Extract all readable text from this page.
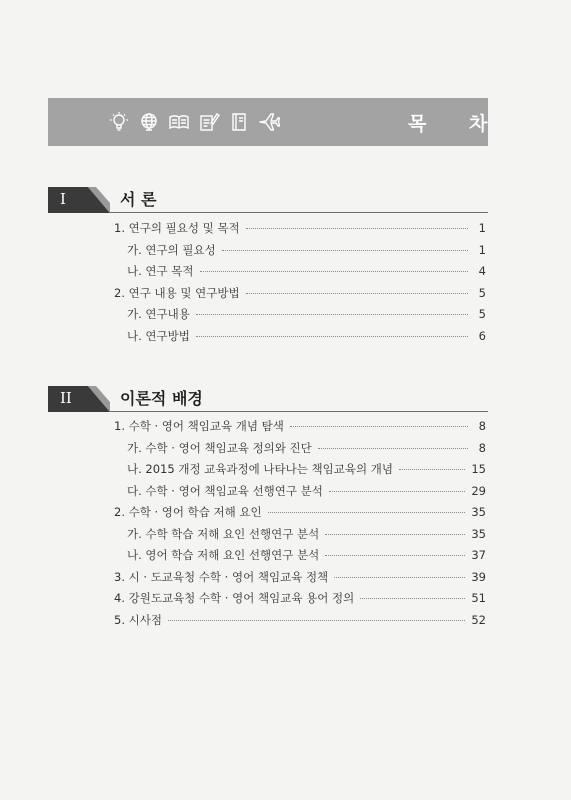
목 차
I	서 론
1. 연구의 필요성 및 목적	1
가. 연구의 필요성	1
나. 연구 목적	4
2. 연구 내용 및 연구방법	5
가. 연구내용	5
나. 연구방법	6
II	이론적 배경
1. 수학 · 영어 책임교육 개념 탐색	8
가. 수학 · 영어 책임교육 정의와 진단	8
나. 2015 개정 교육과정에 나타나는 책임교육의 개념	15
다. 수학 · 영어 책임교육 선행연구 분석	29
2. 수학 · 영어 학습 저해 요인	35
가. 수학 학습 저해 요인 선행연구 분석	35
나. 영어 학습 저해 요인 선행연구 분석	37
3. 시 · 도교육청 수학 · 영어 책임교육 정책	39
4. 강원도교육청 수학 · 영어 책임교육 용어 정의	51
5. 시사점	52
